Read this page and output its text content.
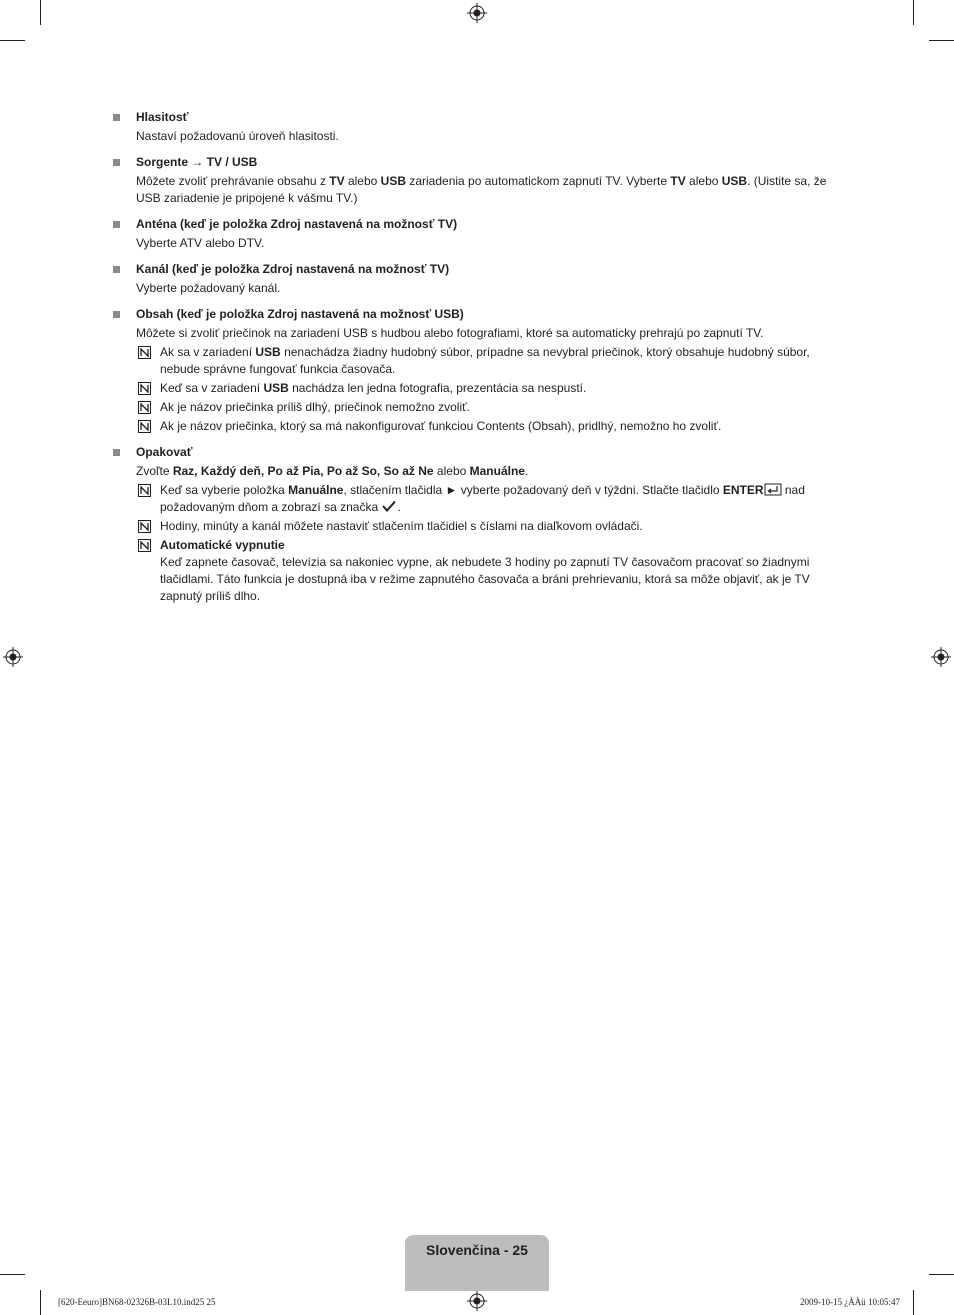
Hlasitosť
Nastaví požadovanú úroveň hlasitosti.
Sorgente → TV / USB
Môžete zvoliť prehrávanie obsahu z TV alebo USB zariadenia po automatickom zapnutí TV. Vyberte TV alebo USB. (Uistite sa, že USB zariadenie je pripojené k vášmu TV.)
Anténa (keď je položka Zdroj nastavená na možnosť TV)
Vyberte ATV alebo DTV.
Kanál (keď je položka Zdroj nastavená na možnosť TV)
Vyberte požadovaný kanál.
Obsah (keď je položka Zdroj nastavená na možnosť USB)
Môžete si zvoliť priečinok na zariadení USB s hudbou alebo fotografiami, ktoré sa automaticky prehrajú po zapnutí TV.
Ak sa v zariadení USB nenachádza žiadny hudobný súbor, prípadne sa nevybral priečinok, ktorý obsahuje hudobný súbor, nebude správne fungovať funkcia časovača.
Keď sa v zariadení USB nachádza len jedna fotografia, prezentácia sa nespustí.
Ak je názov priečinka príliš dlhý, priečinok nemožno zvoliť.
Ak je názov priečinka, ktorý sa má nakonfigurovať funkciou Contents (Obsah), pridlhý, nemožno ho zvoliť.
Opakovať
Zvoľte Raz, Každý deň, Po až Pia, Po až So, So až Ne alebo Manuálne.
Keď sa vyberie položka Manuálne, stlačením tlačidla ► vyberte požadovaný deň v týždni. Stlačte tlačidlo ENTER nad požadovaným dňom a zobrazí sa značka .
Hodiny, minúty a kanál môžete nastaviť stlačením tlačidiel s číslami na diaľkovom ovládači.
Automatické vypnutie
Keď zapnete časovač, televízia sa nakoniec vypne, ak nebudete 3 hodiny po zapnutí TV časovačom pracovať so žiadnymi tlačidlami. Táto funkcia je dostupná iba v režime zapnutého časovača a bráni prehrievaniu, ktorá sa môže objaviť, ak je TV zapnutý príliš dlho.
Slovenčina - 25
[620-Eeuro]BN68-02326B-03L10.ind25 25	2009-10-15 ¿ÀÀü 10:05:47
